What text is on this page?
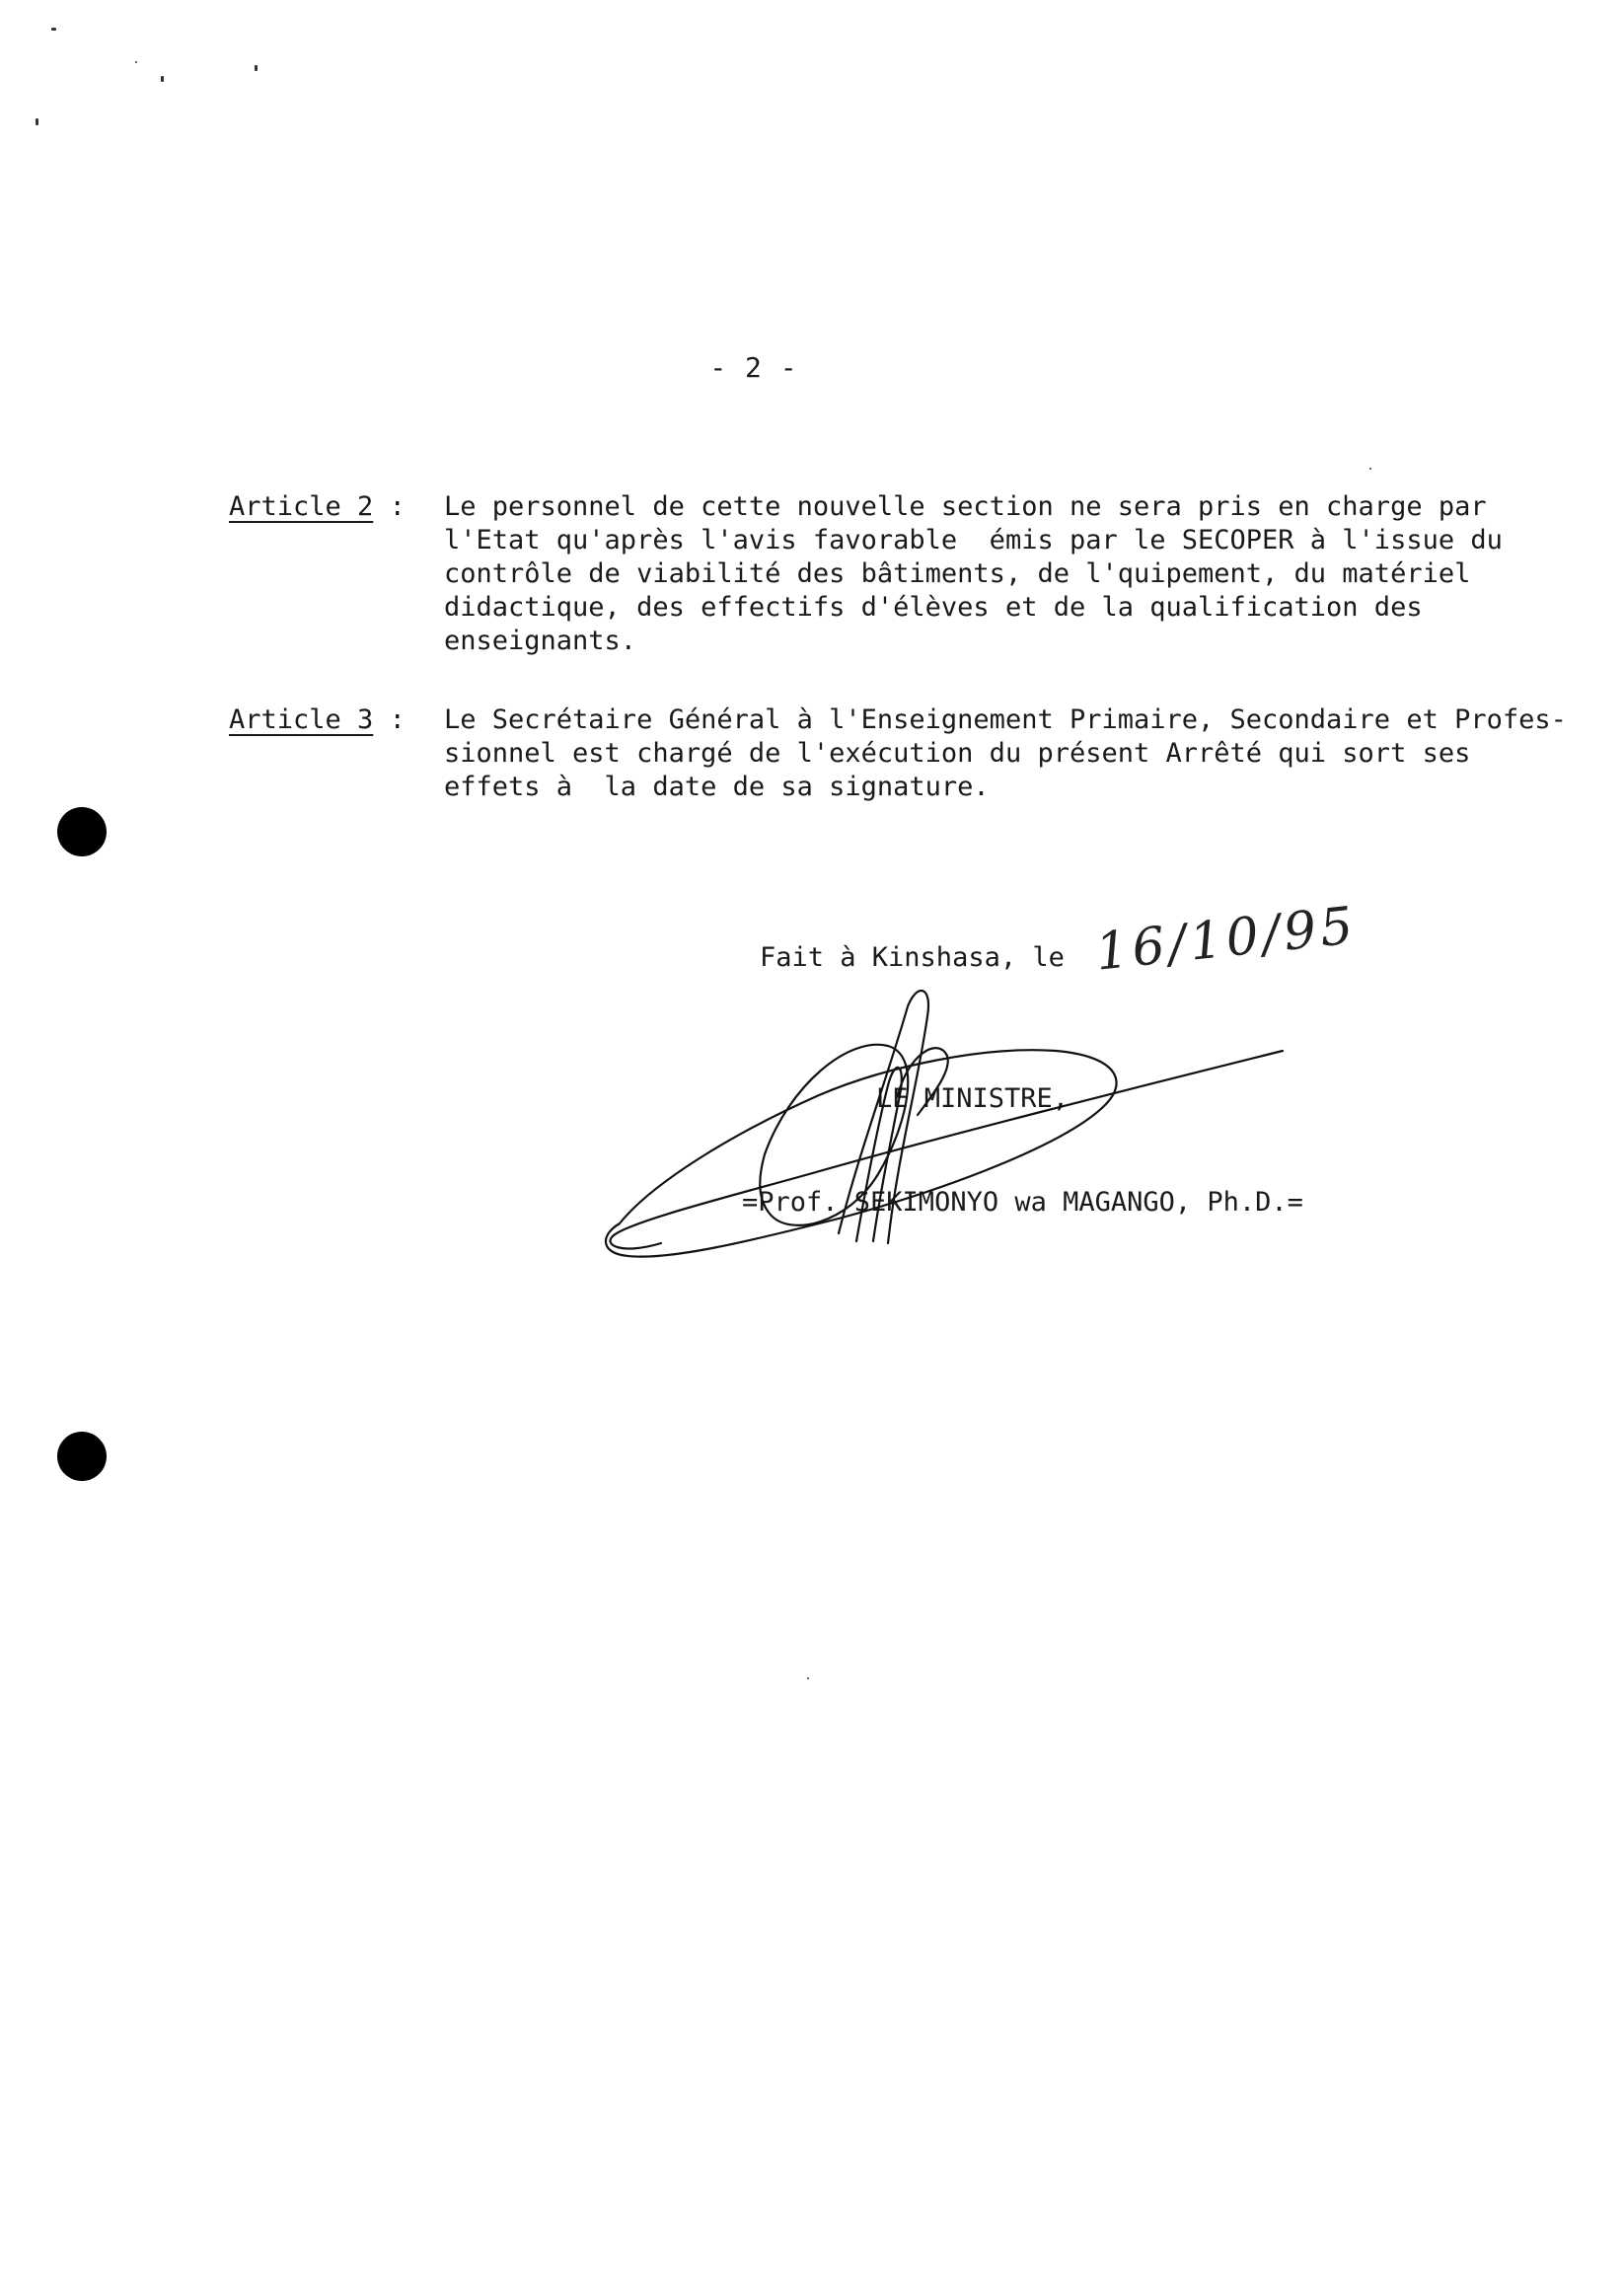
- 2 -
Article 2 :	Le personnel de cette nouvelle section ne sera pris en charge par
l'Etat qu'après l'avis favorable  émis par le SECOPER à l'issue du
contrôle de viabilité des bâtiments, de l'quipement, du matériel
didactique, des effectifs d'élèves et de la qualification des
enseignants.
Article 3 :	Le Secrétaire Général à l'Enseignement Primaire, Secondaire et Profes-
sionnel est chargé de l'exécution du présent Arrêté qui sort ses
effets à  la date de sa signature.
Fait à Kinshasa, le 16/10/95
LE MINISTRE,
=Prof. SEKIMONYO wa MAGANGO, Ph.D.=
